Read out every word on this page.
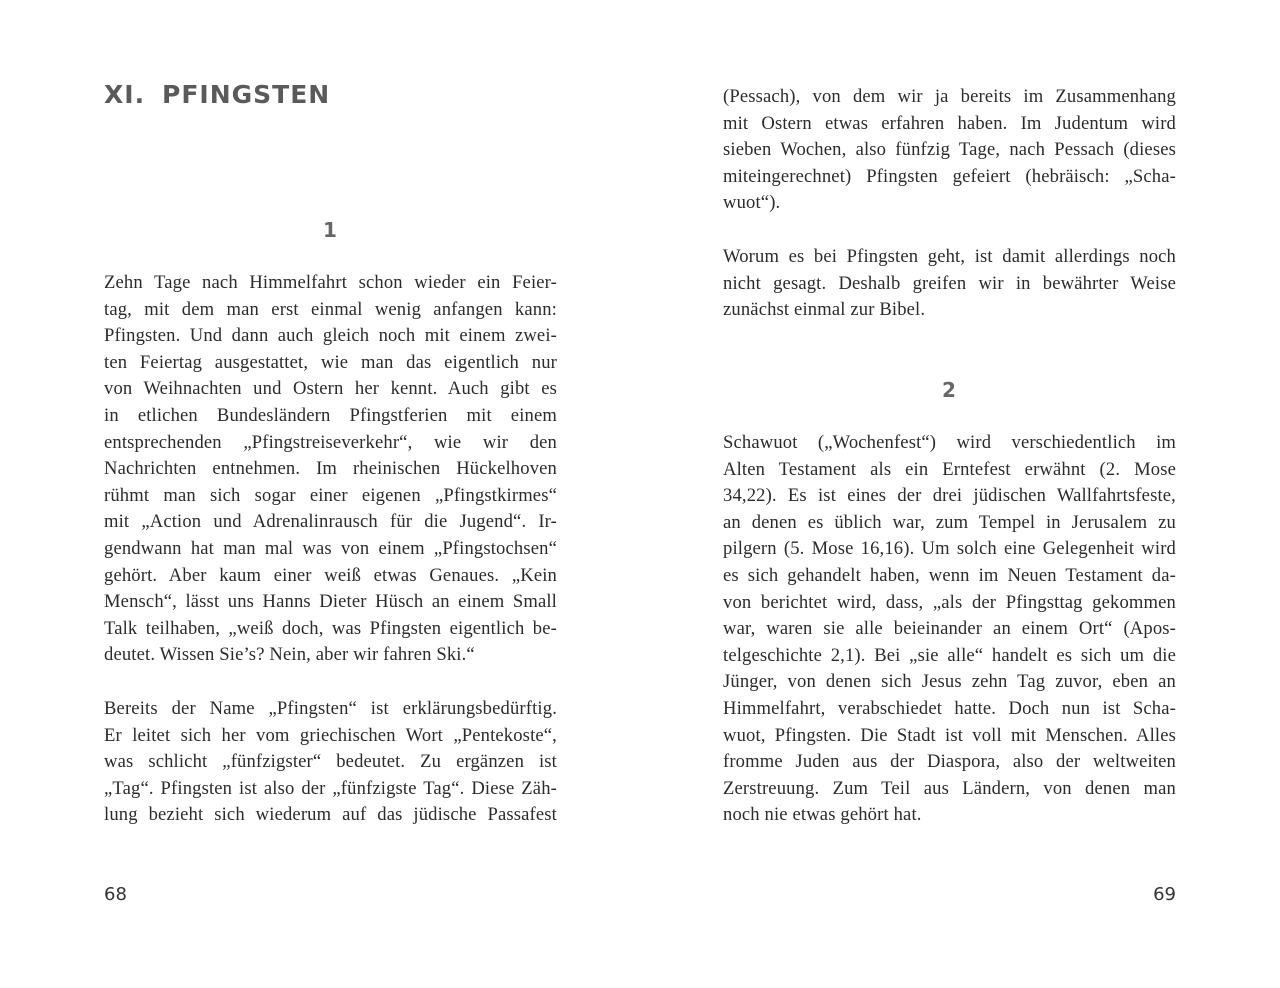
XI. PFINGSTEN
1
Zehn Tage nach Himmelfahrt schon wieder ein Feier-
tag, mit dem man erst einmal wenig anfangen kann:
Pfingsten. Und dann auch gleich noch mit einem zwei-
ten Feiertag ausgestattet, wie man das eigentlich nur
von Weihnachten und Ostern her kennt. Auch gibt es
in etlichen Bundesländern Pfingstferien mit einem
entsprechenden „Pfingstreiseverkehr“, wie wir den
Nachrichten entnehmen. Im rheinischen Hückelhoven
rühmt man sich sogar einer eigenen „Pfingstkirmes“
mit „Action und Adrenalinrausch für die Jugend“. Ir-
gendwann hat man mal was von einem „Pfingstochsen“
gehört. Aber kaum einer weiß etwas Genaues. „Kein
Mensch“, lässt uns Hanns Dieter Hüsch an einem Small
Talk teilhaben, „weiß doch, was Pfingsten eigentlich be-
deutet. Wissen Sie’s? Nein, aber wir fahren Ski.“
Bereits der Name „Pfingsten“ ist erklärungsbedürftig.
Er leitet sich her vom griechischen Wort „Pentekoste“,
was schlicht „fünfzigster“ bedeutet. Zu ergänzen ist
„Tag“. Pfingsten ist also der „fünfzigste Tag“. Diese Zäh-
lung bezieht sich wiederum auf das jüdische Passafest
68
(Pessach), von dem wir ja bereits im Zusammenhang
mit Ostern etwas erfahren haben. Im Judentum wird
sieben Wochen, also fünfzig Tage, nach Pessach (dieses
miteingerechnet) Pfingsten gefeiert (hebräisch: „Scha-
wuot“).
Worum es bei Pfingsten geht, ist damit allerdings noch
nicht gesagt. Deshalb greifen wir in bewährter Weise
zunächst einmal zur Bibel.
2
Schawuot („Wochenfest“) wird verschiedentlich im
Alten Testament als ein Erntefest erwähnt (2. Mose
34,22). Es ist eines der drei jüdischen Wallfahrtsfeste,
an denen es üblich war, zum Tempel in Jerusalem zu
pilgern (5. Mose 16,16). Um solch eine Gelegenheit wird
es sich gehandelt haben, wenn im Neuen Testament da-
von berichtet wird, dass, „als der Pfingsttag gekommen
war, waren sie alle beieinander an einem Ort“ (Apos-
telgeschichte 2,1). Bei „sie alle“ handelt es sich um die
Jünger, von denen sich Jesus zehn Tag zuvor, eben an
Himmelfahrt, verabschiedet hatte. Doch nun ist Scha-
wuot, Pfingsten. Die Stadt ist voll mit Menschen. Alles
fromme Juden aus der Diaspora, also der weltweiten
Zerstreuung. Zum Teil aus Ländern, von denen man
noch nie etwas gehört hat.
69
